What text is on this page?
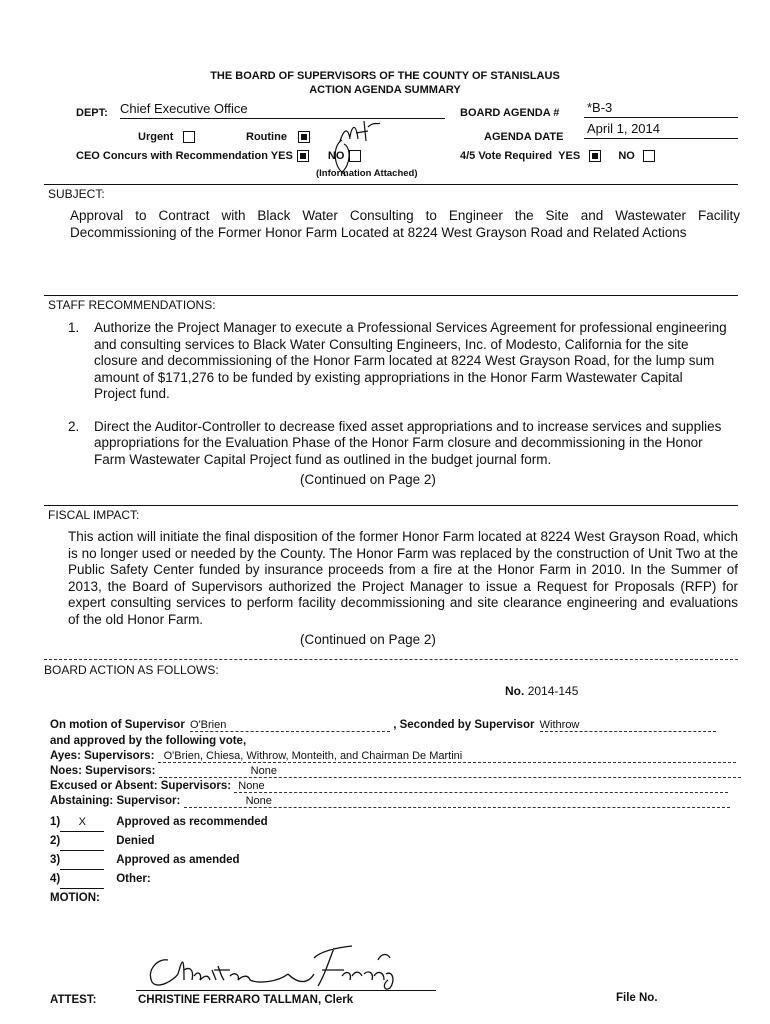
THE BOARD OF SUPERVISORS OF THE COUNTY OF STANISLAUS
ACTION AGENDA SUMMARY
DEPT: Chief Executive Office	BOARD AGENDA # *B-3
Urgent	Routine	AGENDA DATE
April 1, 2014
CEO Concurs with Recommendation YES	NO
(Information Attached)
4/5 Vote Required YES	NO
SUBJECT:
Approval to Contract with Black Water Consulting to Engineer the Site and Wastewater Facility Decommissioning of the Former Honor Farm Located at 8224 West Grayson Road and Related Actions
STAFF RECOMMENDATIONS:
1.	Authorize the Project Manager to execute a Professional Services Agreement for professional engineering and consulting services to Black Water Consulting Engineers, Inc. of Modesto, California for the site closure and decommissioning of the Honor Farm located at 8224 West Grayson Road, for the lump sum amount of $171,276 to be funded by existing appropriations in the Honor Farm Wastewater Capital Project fund.
2.	Direct the Auditor-Controller to decrease fixed asset appropriations and to increase services and supplies appropriations for the Evaluation Phase of the Honor Farm closure and decommissioning in the Honor Farm Wastewater Capital Project fund as outlined in the budget journal form.
(Continued on Page 2)
FISCAL IMPACT:
This action will initiate the final disposition of the former Honor Farm located at 8224 West Grayson Road, which is no longer used or needed by the County. The Honor Farm was replaced by the construction of Unit Two at the Public Safety Center funded by insurance proceeds from a fire at the Honor Farm in 2010. In the Summer of 2013, the Board of Supervisors authorized the Project Manager to issue a Request for Proposals (RFP) for expert consulting services to perform facility decommissioning and site clearance engineering and evaluations of the old Honor Farm.
(Continued on Page 2)
BOARD ACTION AS FOLLOWS:
No. 2014-145
On motion of Supervisor O'Brien	, Seconded by Supervisor Withrow
and approved by the following vote,
Ayes: Supervisors: O'Brien, Chiesa, Withrow, Monteith, and Chairman De Martini
Noes: Supervisors:	None
Excused or Absent: Supervisors: None
Abstaining: Supervisor:	None
1) X	Approved as recommended
2)	Denied
3)	Approved as amended
4)	Other:
MOTION:
ATTEST:	CHRISTINE FERRARO TALLMAN, Clerk	File No.
